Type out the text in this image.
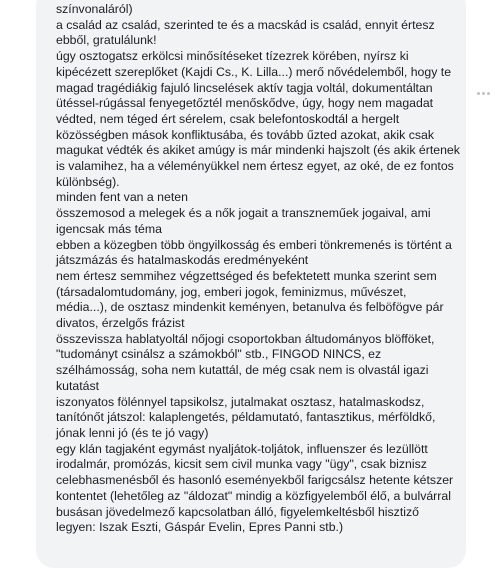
színvonaláról)

a család az család, szerinted te és a macskád is család, ennyit értesz ebből, gratulálunk!

úgy osztogatsz erkölcsi minősítéseket tízezrek körében, nyírsz ki kipécézett szereplőket (Kajdi Cs., K. Lilla...) merő nővédelemből, hogy te magad tragédiákig fajuló lincselések aktív tagja voltál, dokumentáltan ütéssel-rúgással fenyegetőztél menőskődve, úgy, hogy nem magadat védted, nem téged ért sérelem, csak belefontoskodtál a hergelt közösségben mások konfliktusába, és tovább űzted azokat, akik csak magukat védték és akiket amúgy is már mindenki hajszolt (és akik értenek is valamihez, ha a véleményükkel nem értesz egyet, az oké, de ez fontos különbség).

minden fent van a neten

összemosod a melegek és a nők jogait a transzneműek jogaival, ami igencsak más téma

ebben a közegben több öngyilkosság és emberi tönkremenés is történt a játszmázás és hatalmaskodás eredményeként

nem értesz semmihez végzettséged és befektetett munka szerint sem (társadalomtudomány, jog, emberi jogok, feminizmus, művészet, média...), de osztasz mindenkit keményen, betanulva és felböfögve pár divatos, érzelgős frázist

összevissza hablatyoltál nőjogi csoportokban áltudományos blöfföket, "tudományt csinálsz a számokból" stb., FINGOD NINCS, ez szélhámosság, soha nem kutattál, de még csak nem is olvastál igazi kutatást

iszonyatos fölénnyel tapsikolsz, jutalmakat osztasz, hatalmaskodsz, tanítónőt játszol: kalaplengetés, példamutató, fantasztikus, mérföldkő, jónak lenni jó (és te jó vagy)

egy klán tagjaként egymást nyaljátok-toljátok, influenszer és lezüllött irodalmár, promózás, kicsit sem civil munka vagy "ügy", csak biznisz celebhasmenésből és hasonló eseményekből farigcsálsz hetente kétszer kontentet (lehetőleg az "áldozat" mindig a közfigyelemből élő, a bulvárral busásan jövedelmező kapcsolatban álló, figyelemkeltésből hisztiző legyen: Iszak Eszti, Gáspár Evelin, Epres Panni stb.)
